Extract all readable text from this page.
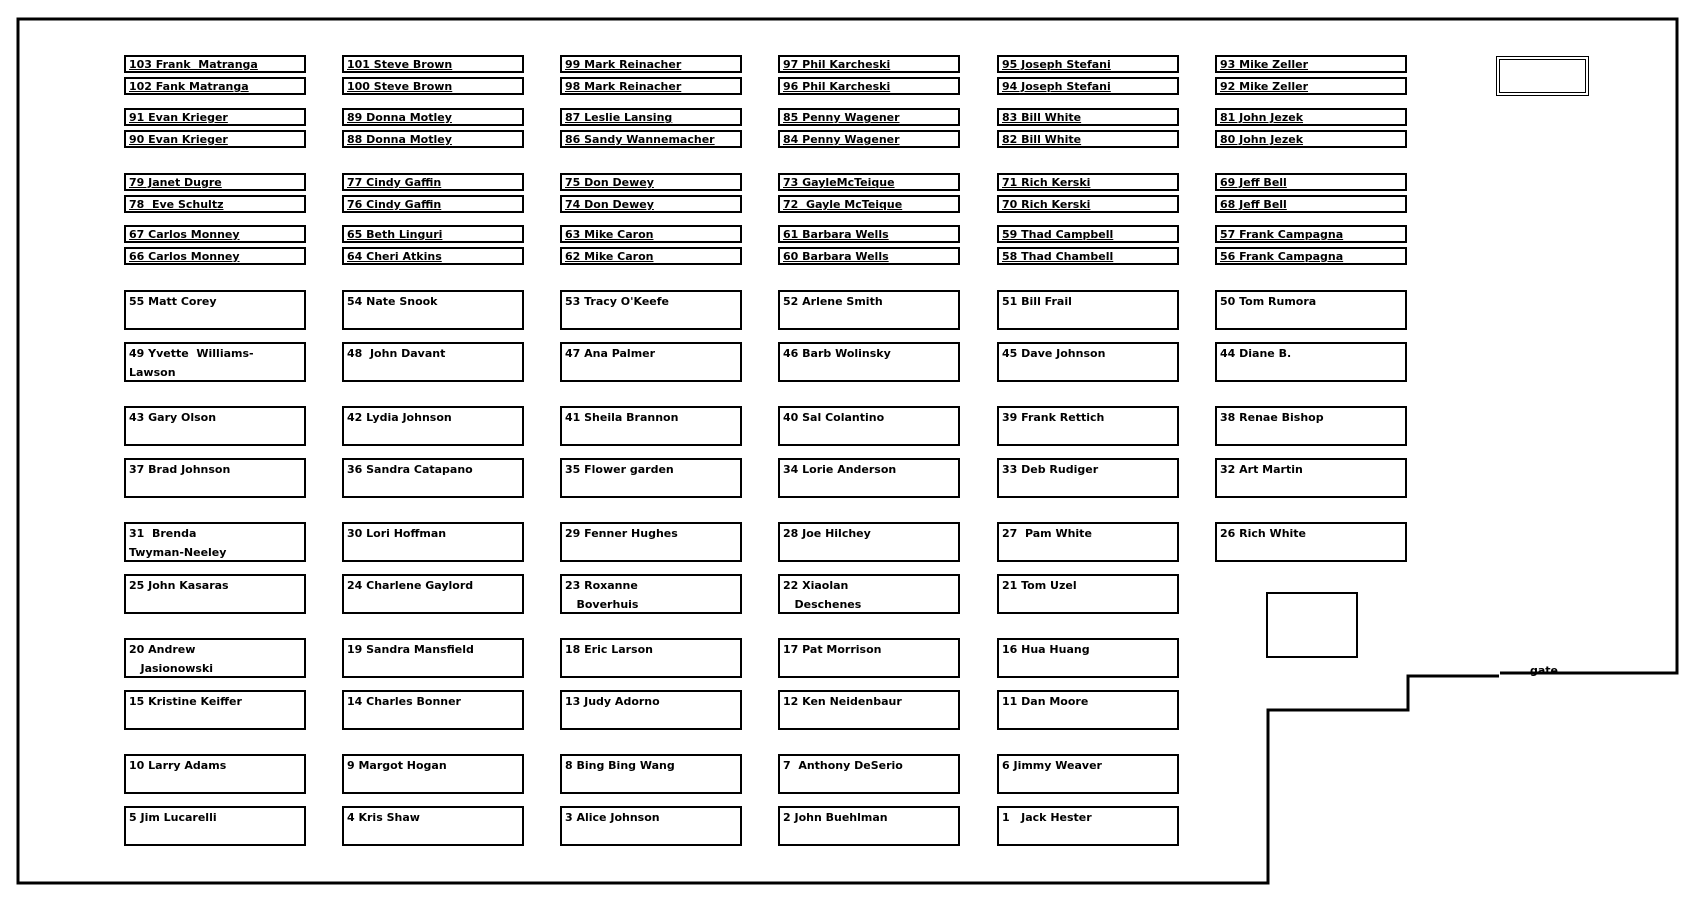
gate
103 Frank  Matranga
102 Fank Matranga
91 Evan Krieger
90 Evan Krieger
79 Janet Dugre
78  Eve Schultz
67 Carlos Monney
66 Carlos Monney
55 Matt Corey
49 Yvette  Williams-
Lawson
43 Gary Olson
37 Brad Johnson
31  Brenda
Twyman-Neeley
25 John Kasaras
20 Andrew
Jasionowski
15 Kristine Keiffer
10 Larry Adams
5 Jim Lucarelli
101 Steve Brown
100 Steve Brown
89 Donna Motley
88 Donna Motley
77 Cindy Gaffin
76 Cindy Gaffin
65 Beth Linguri
64 Cheri Atkins
54 Nate Snook
48  John Davant
42 Lydia Johnson
36 Sandra Catapano
30 Lori Hoffman
24 Charlene Gaylord
19 Sandra Mansfield
14 Charles Bonner
9 Margot Hogan
4 Kris Shaw
99 Mark Reinacher
98 Mark Reinacher
87 Leslie Lansing
86 Sandy Wannemacher
75 Don Dewey
74 Don Dewey
63 Mike Caron
62 Mike Caron
53 Tracy O'Keefe
47 Ana Palmer
41 Sheila Brannon
35 Flower garden
29 Fenner Hughes
23 Roxanne
Boverhuis
18 Eric Larson
13 Judy Adorno
8 Bing Bing Wang
3 Alice Johnson
97 Phil Karcheski
96 Phil Karcheski
85 Penny Wagener
84 Penny Wagener
73 GayleMcTeique
72  Gayle McTeique
61 Barbara Wells
60 Barbara Wells
52 Arlene Smith
46 Barb Wolinsky
40 Sal Colantino
34 Lorie Anderson
28 Joe Hilchey
22 Xiaolan
Deschenes
17 Pat Morrison
12 Ken Neidenbaur
7  Anthony DeSerio
2 John Buehlman
95 Joseph Stefani
94 Joseph Stefani
83 Bill White
82 Bill White
71 Rich Kerski
70 Rich Kerski
59 Thad Campbell
58 Thad Chambell
51 Bill Frail
45 Dave Johnson
39 Frank Rettich
33 Deb Rudiger
27  Pam White
21 Tom Uzel
16 Hua Huang
11 Dan Moore
6 Jimmy Weaver
1   Jack Hester
93 Mike Zeller
92 Mike Zeller
81 John Jezek
80 John Jezek
69 Jeff Bell
68 Jeff Bell
57 Frank Campagna
56 Frank Campagna
50 Tom Rumora
44 Diane B.
38 Renae Bishop
32 Art Martin
26 Rich White
